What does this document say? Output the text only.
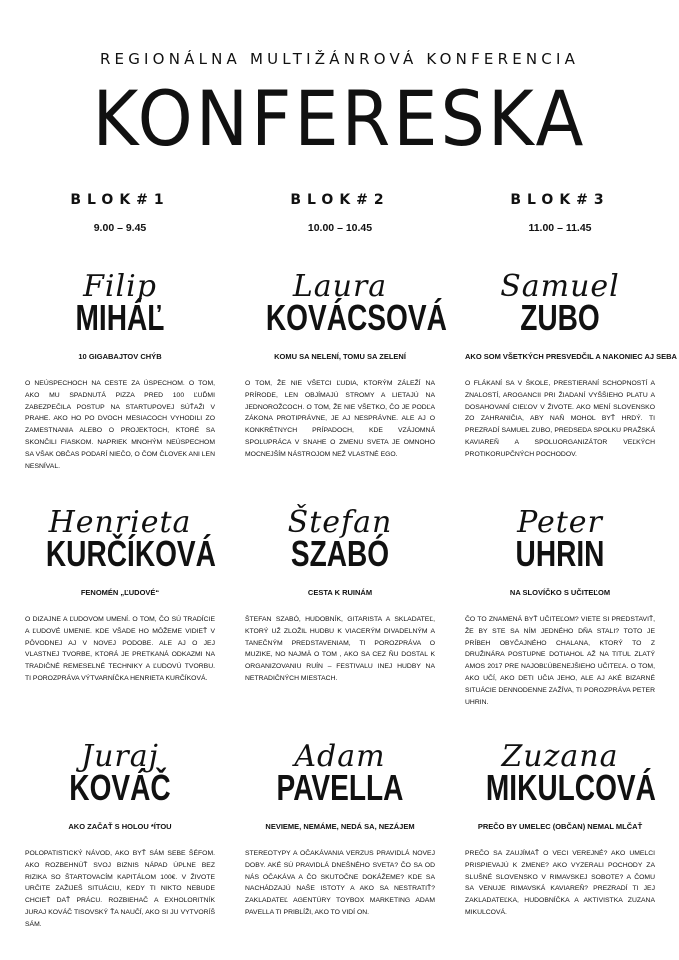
REGIONÁLNA MULTIŽÁNROVÁ KONFERENCIA
KONFERESKA
BLOK#1
9.00 – 9.45
BLOK#2
10.00 – 10.45
BLOK#3
11.00 – 11.45
Filip
MIHÁĽ
10 GIGABAJTOV CHÝB
O NEÚSPECHOCH NA CESTE ZA ÚSPECHOM. O TOM, AKO MU SPADNUTÁ PIZZA PRED 100 ĽUĎMI ZABEZPEČILA POSTUP NA STARTUPOVEJ SÚŤAŽI V PRAHE. AKO HO PO DVOCH MESIACOCH VYHODILI ZO ZAMESTNANIA ALEBO O PROJEKTOCH, KTORÉ SA SKONČILI FIASKOM. NAPRIEK MNOHÝM NEÚSPECHOM SA VŠAK OBČAS PODARÍ NIEČO, O ČOM ČLOVEK ANI LEN NESNÍVAL.
Laura
KOVÁCSOVÁ
KOMU SA NELENÍ, TOMU SA ZELENÍ
O TOM, ŽE NIE VŠETCI ĽUDIA, KTORÝM ZÁLEŽÍ NA PRÍRODE, LEN OBJÍMAJÚ STROMY A LIETAJÚ NA JEDNOROŽCOCH. O TOM, ŽE NIE VŠETKO, ČO JE PODĽA ZÁKONA PROTIPRÁVNE, JE AJ NESPRÁVNE. ALE AJ O KONKRÉTNYCH PRÍPADOCH, KDE VZÁJOMNÁ SPOLUPRÁCA V SNAHE O ZMENU SVETA JE OMNOHO MOCNEJŠÍM NÁSTROJOM NEŽ VLASTNÉ EGO.
Samuel
ZUBO
AKO SOM VŠETKÝCH PRESVEDČIL A NAKONIEC AJ SEBA
O FLÁKANÍ SA V ŠKOLE, PRESTIERANÍ SCHOPNOSTÍ A ZNALOSTÍ, AROGANCII PRI ŽIADANÍ VYŠŠIEHO PLATU A DOSAHOVANÍ CIEĽOV V ŽIVOTE. AKO MENÍ SLOVENSKO ZO ZAHRANIČIA, ABY NAŇ MOHOL BYŤ HRDÝ. TI PREZRADÍ SAMUEL ZUBO, PREDSEDA SPOLKU PRAŽSKÁ KAVIAREŇ A SPOLUORGANIZÁTOR VEĽKÝCH PROTIKORUPČNÝCH POCHODOV.
Henrieta
KURČÍKOVÁ
FENOMÉN „ĽUDOVÉ“
O DIZAJNE A ĽUDOVOM UMENÍ. O TOM, ČO SÚ TRADÍCIE A ĽUDOVÉ UMENIE. KDE VŠADE HO MÔŽEME VIDIEŤ V PÔVODNEJ AJ V NOVEJ PODOBE. ALE AJ O JEJ VLASTNEJ TVORBE, KTORÁ JE PRETKANÁ ODKAZMI NA TRADIČNÉ REMESELNÉ TECHNIKY A ĽUDOVÚ TVORBU. TI POROZPRÁVA VÝTVARNÍČKA HENRIETA KURČÍKOVÁ.
Štefan
SZABÓ
CESTA K RUINÁM
ŠTEFAN SZABÓ, HUDOBNÍK, GITARISTA A SKLADATEĽ, KTORÝ UŽ ZLOŽIL HUDBU K VIACERÝM DIVADELNÝM A TANEČNÝM PREDSTAVENIAM, TI POROZPRÁVA O MUZIKE, NO NAJMÄ O TOM , AKO SA CEZ ŇU DOSTAL K ORGANIZOVANIU RUÍN – FESTIVALU INEJ HUDBY NA NETRADIČNÝCH MIESTACH.
Peter
UHRIN
NA SLOVÍČKO S UČITEĽOM
ČO TO ZNAMENÁ BYŤ UČITEĽOM? VIETE SI PREDSTAVIŤ, ŽE BY STE SA NÍM JEDNÉHO DŇA STALI? TOTO JE PRÍBEH OBYČAJNÉHO CHALANA, KTORÝ TO Z DRUŽINÁRA POSTUPNE DOTIAHOL AŽ NA TITUL ZLATÝ AMOS 2017 PRE NAJOBĽÚBENEJŠIEHO UČITEĽA. O TOM, AKO UČÍ, AKO DETI UČIA JEHO, ALE AJ AKÉ BIZARNÉ SITUÁCIE DENNODENNE ZAŽÍVA, TI POROZPRÁVA PETER UHRIN.
Juraj
KOVÁČ
AKO ZAČAŤ S HOLOU *ÍTOU
POLOPATISTICKÝ NÁVOD, AKO BYŤ SÁM SEBE ŠÉFOM. AKO ROZBEHNÚŤ SVOJ BIZNIS NÁPAD ÚPLNE BEZ RIZIKA SO ŠTARTOVACÍM KAPITÁLOM 100€. V ŽIVOTE URČITE ZAŽIJEŠ SITUÁCIU, KEDY TI NIKTO NEBUDE CHCIEŤ DAŤ PRÁCU. ROZBIEHAČ A EXHOLORITNÍK JURAJ KOVÁČ TISOVSKÝ ŤA NAUČÍ, AKO SI JU VYTVORÍŠ SÁM.
Adam
PAVELLA
NEVIEME, NEMÁME, NEDÁ SA, NEZÁJEM
STEREOTYPY A OČAKÁVANIA VERZUS PRAVIDLÁ NOVEJ DOBY. AKÉ SÚ PRAVIDLÁ DNEŠNÉHO SVETA? ČO SA OD NÁS OČAKÁVA A ČO SKUTOČNE DOKÁŽEME? KDE SA NACHÁDZAJÚ NAŠE ISTOTY A AKO SA NESTRATIŤ? ZAKLADATEĽ AGENTÚRY TOYBOX MARKETING ADAM PAVELLA TI PRIBLÍŽI, AKO TO VIDÍ ON.
Zuzana
MIKULCOVÁ
PREČO BY UMELEC (OBČAN) NEMAL MLČAŤ
PREČO SA ZAUJÍMAŤ O VECI VEREJNÉ? AKO UMELCI PRISPIEVAJÚ K ZMENE? AKO VYZERALI POCHODY ZA SLUŠNÉ SLOVENSKO V RIMAVSKEJ SOBOTE? A ČOMU SA VENUJE RIMAVSKÁ KAVIAREŇ? PREZRADÍ TI JEJ ZAKLADATEĽKA, HUDOBNÍČKA A AKTIVISTKA ZUZANA MIKULCOVÁ.
